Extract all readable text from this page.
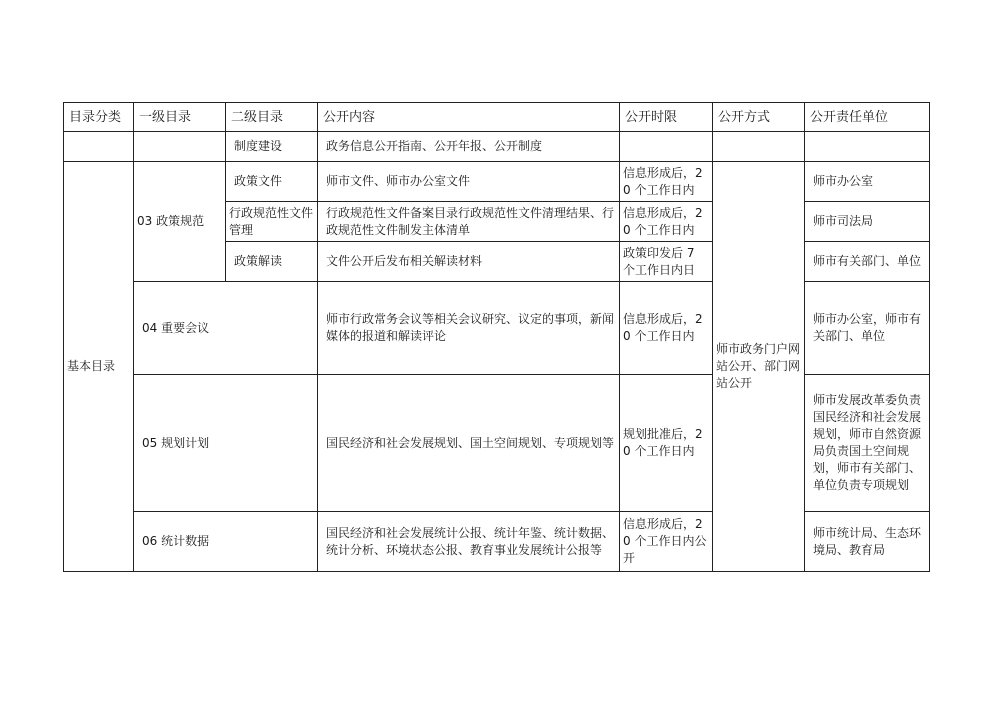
目录分类	一级目录	二级目录	公开内容	公开时限	公开方式	公开责任单位
		制度建设	政务信息公开指南、公开年报、公开制度			
基本目录	03 政策规范	政策文件	师市文件、师市办公室文件	信息形成后，20 个工作日内	师市政务门户网站公开、部门网站公开	师市办公室
		行政规范性文件管理	行政规范性文件备案目录行政规范性文件清理结果、行政规范性文件制发主体清单	信息形成后，20 个工作日内		师市司法局
		政策解读	文件公开后发布相关解读材料	政策印发后 7 个工作日内日		师市有关部门、单位
	04 重要会议		师市行政常务会议等相关会议研究、议定的事项，新闻媒体的报道和解读评论	信息形成后，20 个工作日内		师市办公室，师市有关部门、单位
	05 规划计划		国民经济和社会发展规划、国土空间规划、专项规划等	规划批准后，20 个工作日内		师市发展改革委负责国民经济和社会发展规划，师市自然资源局负责国土空间规划，师市有关部门、单位负责专项规划
	06 统计数据		国民经济和社会发展统计公报、统计年鉴、统计数据、统计分析、环境状态公报、教育事业发展统计公报等	信息形成后，20 个工作日内公开		师市统计局、生态环境局、教育局
